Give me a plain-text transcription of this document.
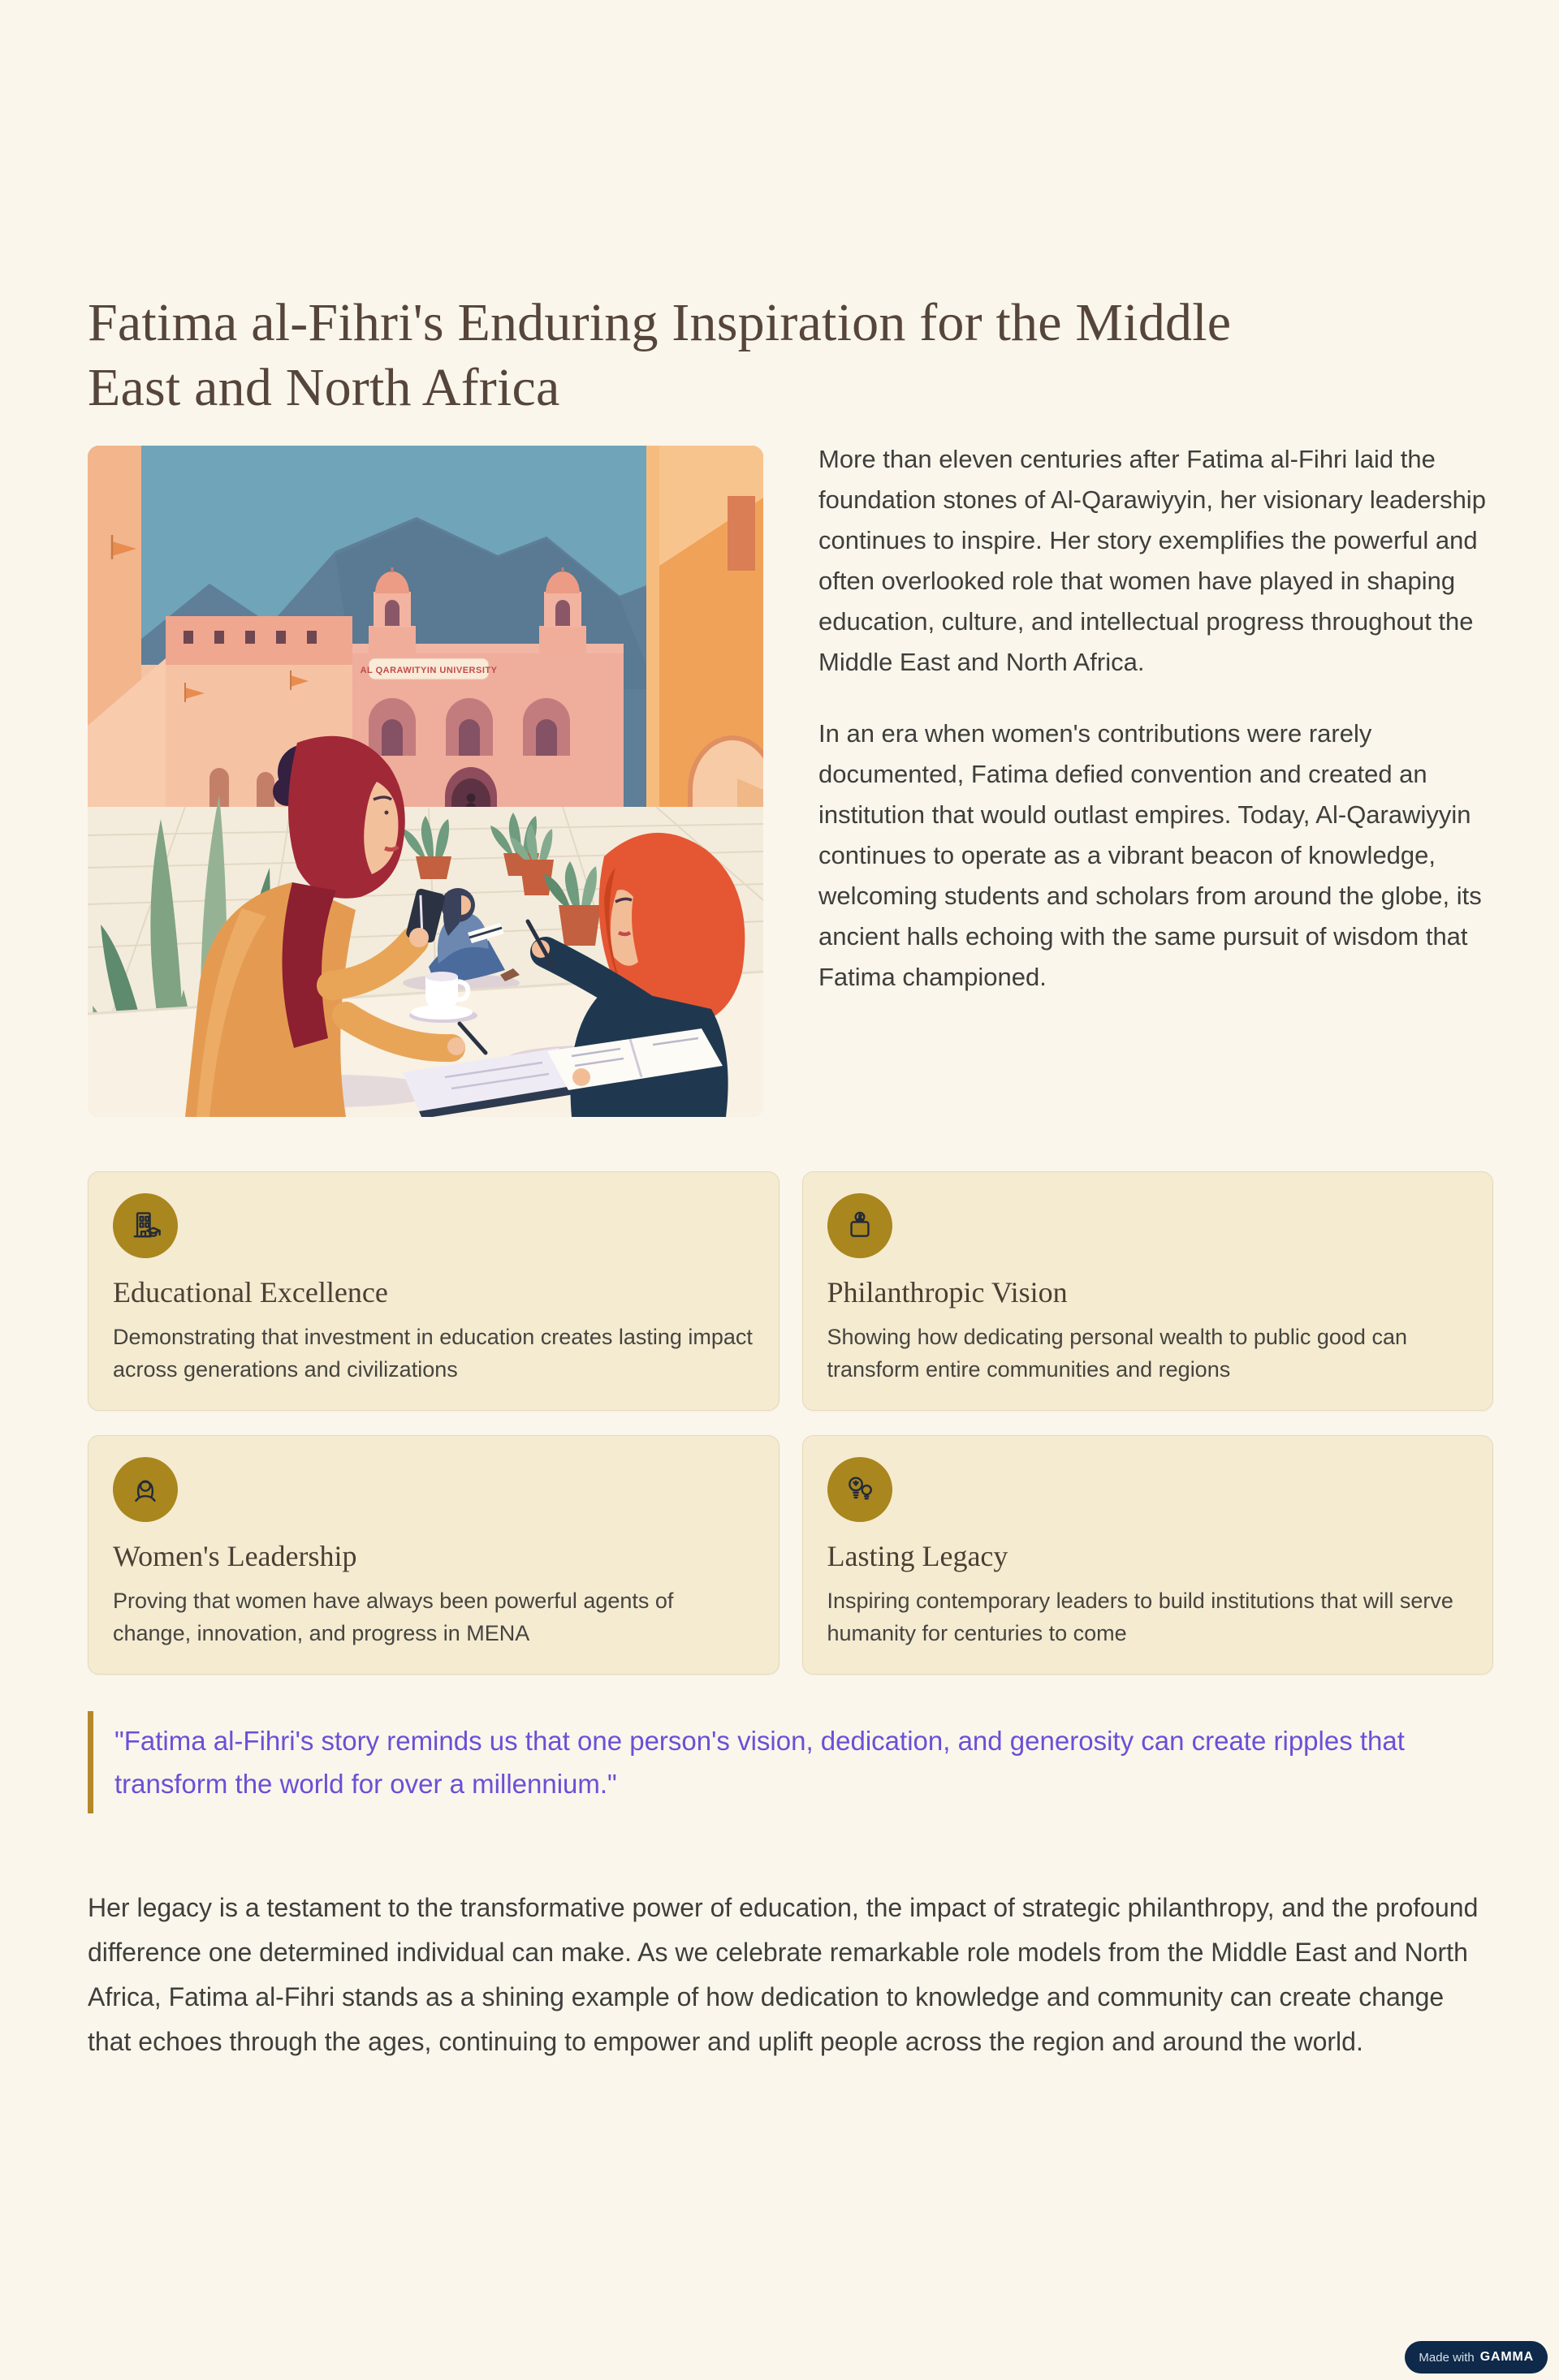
Fatima al-Fihri's Enduring Inspiration for the Middle East and North Africa
AL QARAWITYIN UNIVERSITY

More than eleven centuries after Fatima al-Fihri laid the foundation stones of Al-Qarawiyyin, her visionary leadership continues to inspire. Her story exemplifies the powerful and often overlooked role that women have played in shaping education, culture, and intellectual progress throughout the Middle East and North Africa.

In an era when women's contributions were rarely documented, Fatima defied convention and created an institution that would outlast empires. Today, Al-Qarawiyyin continues to operate as a vibrant beacon of knowledge, welcoming students and scholars from around the globe, its ancient halls echoing with the same pursuit of wisdom that Fatima championed.

Educational Excellence

Demonstrating that investment in education creates lasting impact across generations and civilizations

Philanthropic Vision

Showing how dedicating personal wealth to public good can transform entire communities and regions

Women's Leadership

Proving that women have always been powerful agents of change, innovation, and progress in MENA

Lasting Legacy

Inspiring contemporary leaders to build institutions that will serve humanity for centuries to come

"Fatima al-Fihri's story reminds us that one person's vision, dedication, and generosity can create ripples that transform the world for over a millennium."

Her legacy is a testament to the transformative power of education, the impact of strategic philanthropy, and the profound difference one determined individual can make. As we celebrate remarkable role models from the Middle East and North Africa, Fatima al-Fihri stands as a shining example of how dedication to knowledge and community can create change that echoes through the ages, continuing to empower and uplift people across the region and around the world.

Made with GAMMA
